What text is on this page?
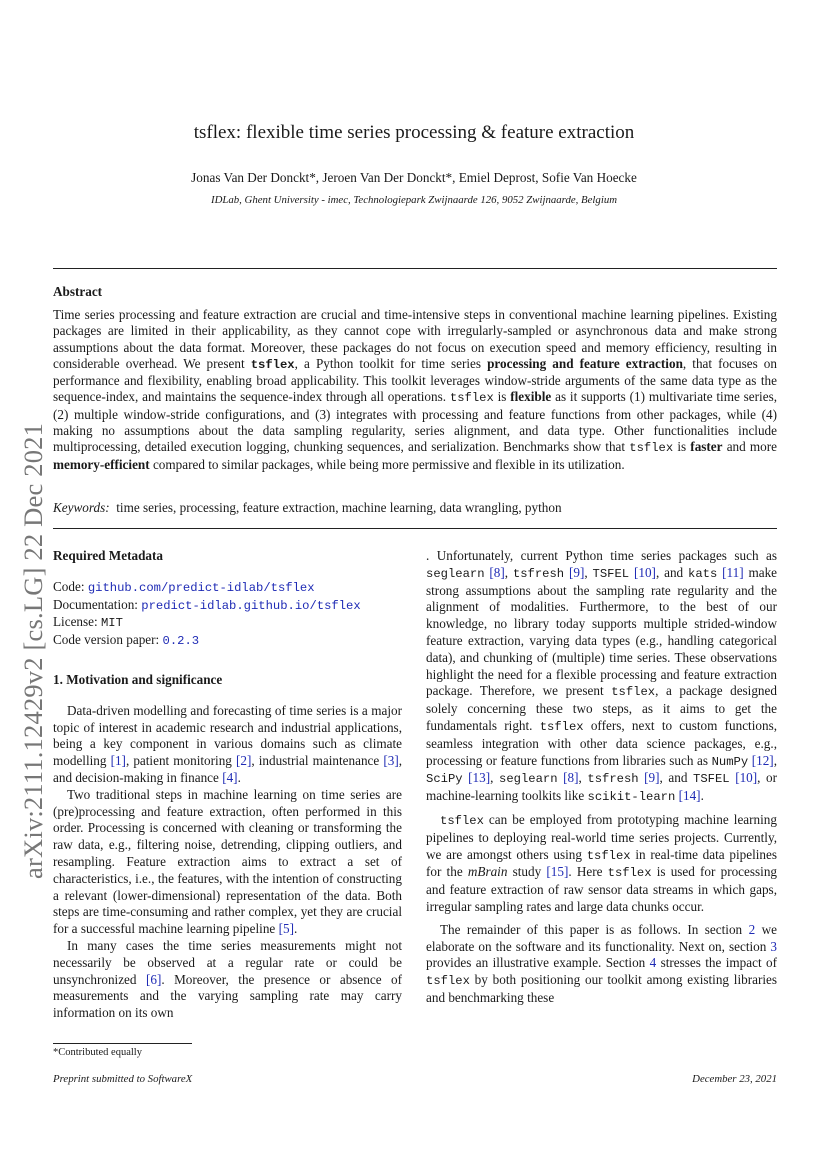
tsflex: flexible time series processing & feature extraction
Jonas Van Der Donckt*, Jeroen Van Der Donckt*, Emiel Deprost, Sofie Van Hoecke
IDLab, Ghent University - imec, Technologiepark Zwijnaarde 126, 9052 Zwijnaarde, Belgium
arXiv:2111.12429v2 [cs.LG] 22 Dec 2021
Abstract
Time series processing and feature extraction are crucial and time-intensive steps in conventional machine learning pipelines. Existing packages are limited in their applicability, as they cannot cope with irregularly-sampled or asynchronous data and make strong assumptions about the data format. Moreover, these packages do not focus on execution speed and memory efficiency, resulting in considerable overhead. We present tsflex, a Python toolkit for time series processing and feature extraction, that focuses on performance and flexibility, enabling broad applicability. This toolkit leverages window-stride arguments of the same data type as the sequence-index, and maintains the sequence-index through all operations. tsflex is flexible as it supports (1) multivariate time series, (2) multiple window-stride configurations, and (3) integrates with processing and feature functions from other packages, while (4) making no assumptions about the data sampling regularity, series alignment, and data type. Other functionalities include multiprocessing, detailed execution logging, chunking sequences, and serialization. Benchmarks show that tsflex is faster and more memory-efficient compared to similar packages, while being more permissive and flexible in its utilization.
Keywords: time series, processing, feature extraction, machine learning, data wrangling, python
Required Metadata
Code: github.com/predict-idlab/tsflex
Documentation: predict-idlab.github.io/tsflex
License: MIT
Code version paper: 0.2.3
1. Motivation and significance

Data-driven modelling and forecasting of time series is a major topic of interest in academic research and industrial applications, being a key component in various domains such as climate modelling [1], patient monitoring [2], industrial maintenance [3], and decision-making in finance [4].

Two traditional steps in machine learning on time series are (pre)processing and feature extraction, often performed in this order. Processing is concerned with cleaning or transforming the raw data, e.g., filtering noise, detrending, clipping outliers, and resampling. Feature extraction aims to extract a set of characteristics, i.e., the features, with the intention of constructing a relevant (lower-dimensional) representation of the data. Both steps are time-consuming and rather complex, yet they are crucial for a successful machine learning pipeline [5].

In many cases the time series measurements might not necessarily be observed at a regular rate or could be unsynchronized [6]. Moreover, the presence or absence of measurements and the varying sampling rate may carry information on its own

. Unfortunately, current Python time series packages such as seglearn [8], tsfresh [9], TSFEL [10], and kats [11] make strong assumptions about the sampling rate regularity and the alignment of modalities. Furthermore, to the best of our knowledge, no library today supports multiple strided-window feature extraction, varying data types (e.g., handling categorical data), and chunking of (multiple) time series. These observations highlight the need for a flexible processing and feature extraction package. Therefore, we present tsflex, a package designed solely concerning these two steps, as it aims to get the fundamentals right. tsflex offers, next to custom functions, seamless integration with other data science packages, e.g., processing or feature functions from libraries such as NumPy [12], SciPy [13], seglearn [8], tsfresh [9], and TSFEL [10], or machine-learning toolkits like scikit-learn [14].

tsflex can be employed from prototyping machine learning pipelines to deploying real-world time series projects. Currently, we are amongst others using tsflex in real-time data pipelines for the mBrain study [15]. Here tsflex is used for processing and feature extraction of raw sensor data streams in which gaps, irregular sampling rates and large data chunks occur.

The remainder of this paper is as follows. In section 2 we elaborate on the software and its functionality. Next on, section 3 provides an illustrative example. Section 4 stresses the impact of tsflex by both positioning our toolkit among existing libraries and benchmarking these

*Contributed equally
Preprint submitted to SoftwareX	December 23, 2021
